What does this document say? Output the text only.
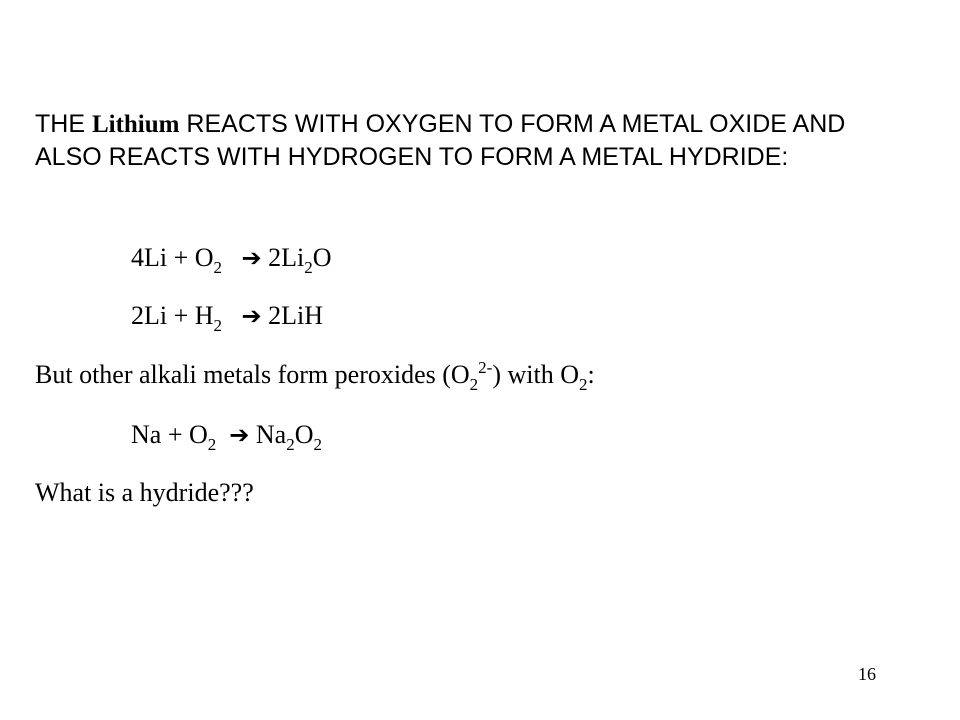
THE Lithium REACTS WITH OXYGEN TO FORM A METAL OXIDE AND ALSO REACTS WITH HYDROGEN TO FORM A METAL HYDRIDE:
$4Li + O_2$ ➔ $2Li_2O$
$2Li + H_2$ ➔ 2LiH
But other alkali metals form peroxides $(O_2^{2-})$ with $O_2$:
$Na + O_2$ ➔ $Na_2O_2$
What is a hydride???
16
